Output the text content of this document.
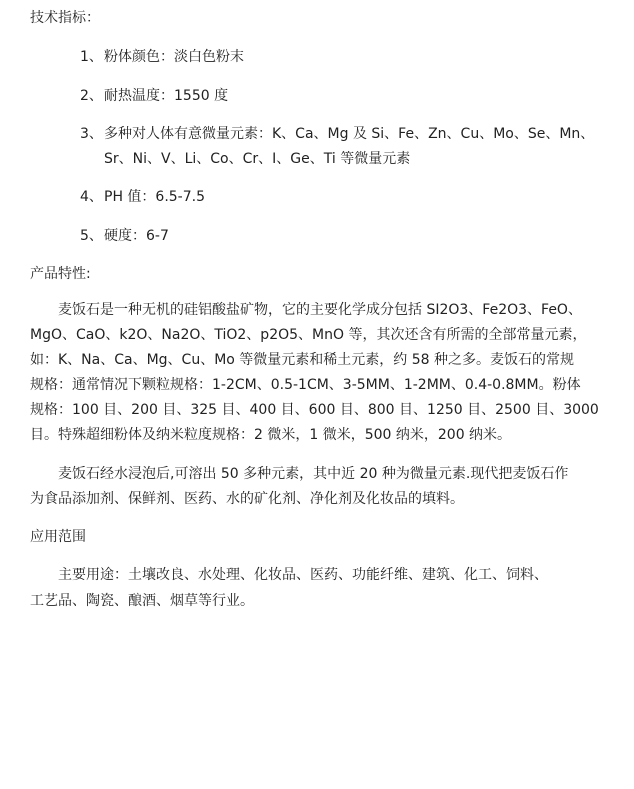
技术指标：
1、粉体颜色：淡白色粉末
2、耐热温度：1550 度
3、多种对人体有意微量元素：K、Ca、Mg 及 Si、Fe、Zn、Cu、Mo、Se、Mn、
Sr、Ni、V、Li、Co、Cr、I、Ge、Ti 等微量元素
4、PH 值：6.5-7.5
5、硬度：6-7
产品特性:
麦饭石是一种无机的硅铝酸盐矿物，它的主要化学成分包括 SI2O3、Fe2O3、FeO、
MgO、CaO、k2O、Na2O、TiO2、p2O5、MnO 等，其次还含有所需的全部常量元素，
如：K、Na、Ca、Mg、Cu、Mo 等微量元素和稀土元素，约 58 种之多。麦饭石的常规
规格：通常情况下颗粒规格：1-2CM、0.5-1CM、3-5MM、1-2MM、0.4-0.8MM。粉体
规格：100 目、200 目、325 目、400 目、600 目、800 目、1250 目、2500 目、3000
目。特殊超细粉体及纳米粒度规格：2 微米，1 微米，500 纳米，200 纳米。
麦饭石经水浸泡后,可溶出 50 多种元素，其中近 20 种为微量元素.现代把麦饭石作
为食品添加剂、保鲜剂、医药、水的矿化剂、净化剂及化妆品的填料。
应用范围
主要用途：土壤改良、水处理、化妆品、医药、功能纤维、建筑、化工、饲料、
工艺品、陶瓷、酿酒、烟草等行业。
